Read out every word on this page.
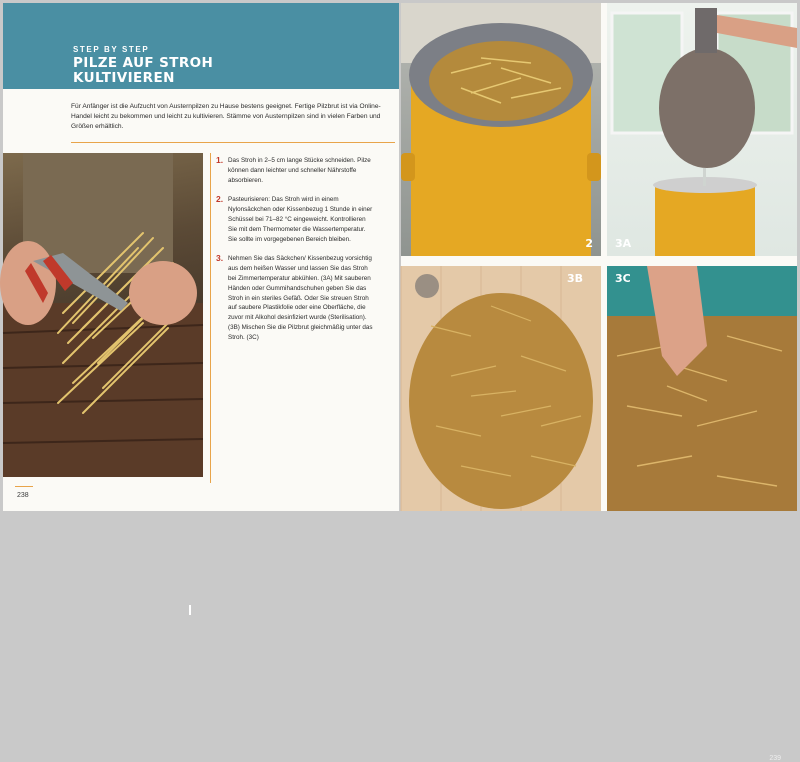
STEP BY STEP
PILZE AUF STROH
KULTIVIEREN
Für Anfänger ist die Aufzucht von Austernpilzen zu Hause bestens geeignet. Fertige Pilzbrut ist via Online-Handel leicht zu bekommen und leicht zu kultivieren. Stämme von Austernpilzen sind in vielen Farben und Größen erhältlich.
1. Das Stroh in 2–5 cm lange Stücke schneiden. Pilze können dann leichter und schneller Nährstoffe absorbieren.
2. Pasteurisieren: Das Stroh wird in einem Nylonsäckchen oder Kissenbezug 1 Stunde in einer Schüssel bei 71–82 °C eingeweicht. Kontrollieren Sie mit dem Thermometer die Wassertemperatur. Sie sollte im vorgegebenen Bereich bleiben.
3. Nehmen Sie das Säckchen/ Kissenbezug vorsichtig aus dem heißen Wasser und lassen Sie das Stroh bei Zimmertemperatur abkühlen. (3A) Mit sauberen Händen oder Gummihandschuhen geben Sie das Stroh in ein steriles Gefäß. Oder Sie streuen Stroh auf saubere Plastikfolie oder eine Oberfläche, die zuvor mit Alkohol desinfiziert wurde (Sterilisation). (3B) Mischen Sie die Pilzbrut gleichmäßig unter das Stroh. (3C)
238
2 3A
3B	3C
239
